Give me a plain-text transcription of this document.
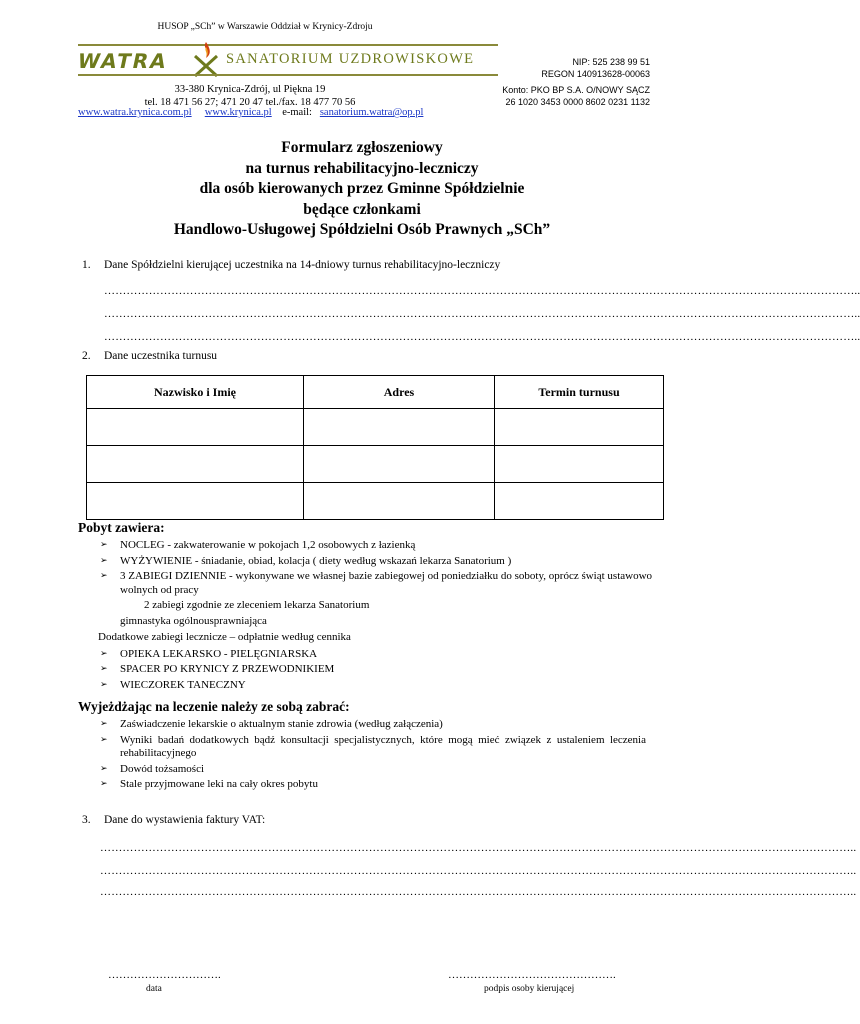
HUSOP „SCh” w Warszawie Oddział w Krynicy-Zdroju
WATRA	SANATORIUM UZDROWISKOWE	NIP: 525 238 99 51
REGON 140913628-00063
Konto: PKO BP S.A. O/NOWY SĄCZ
26 1020 3453 0000 8602 0231 1132
33-380 Krynica-Zdrój, ul Piękna 19
tel. 18 471 56 27; 471 20 47 tel./fax. 18 477 70 56
www.watra.krynica.com.pl www.krynica.pl e-mail: sanatorium.watra@op.pl
Formularz zgłoszeniowy
na turnus rehabilitacyjno-leczniczy
dla osób kierowanych przez Gminne Spółdzielnie
będące członkami
Handlowo-Usługowej Spółdzielni Osób Prawnych „SCh”
1. Dane Spółdzielni kierującej uczestnika na 14-dniowy turnus rehabilitacyjno-leczniczy
…………………………………………………………………………………………………………………………………………………………………………………..
…………………………………………………………………………………………………………………………………………………………………………………..
…………………………………………………………………………………………………………………………………………………………………………………..
2. Dane uczestnika turnusu
Nazwisko i Imię	Adres	Termin turnusu

Pobyt zawiera:
➢ NOCLEG - zakwaterowanie w pokojach 1,2 osobowych z łazienką
➢ WYŻYWIENIE - śniadanie, obiad, kolacja ( diety według wskazań lekarza Sanatorium )
➢ 3 ZABIEGI DZIENNIE - wykonywane we własnej bazie zabiegowej od poniedziałku do soboty, oprócz świąt ustawowo wolnych od pracy
2 zabiegi zgodnie ze zleceniem lekarza Sanatorium
gimnastyka ogólnousprawniająca
Dodatkowe zabiegi lecznicze – odpłatnie według cennika
➢ OPIEKA LEKARSKO - PIELĘGNIARSKA
➢ SPACER PO KRYNICY Z PRZEWODNIKIEM
➢ WIECZOREK TANECZNY
Wyjeżdżając na leczenie należy ze sobą zabrać:
➢ Zaświadczenie lekarskie o aktualnym stanie zdrowia (według załączenia)
➢ Wyniki badań dodatkowych bądź konsultacji specjalistycznych, które mogą mieć związek z ustaleniem leczenia rehabilitacyjnego
➢ Dowód tożsamości
➢ Stale przyjmowane leki na cały okres pobytu
3. Dane do wystawienia faktury VAT:
…………………………………………………………………………………………………………………………………………………………………………………..
…………………………………………………………………………………………………………………………………………………………………………………..
…………………………………………………………………………………………………………………………………………………………………………………..
………………………….
data
……………………………………….
podpis osoby kierującej
